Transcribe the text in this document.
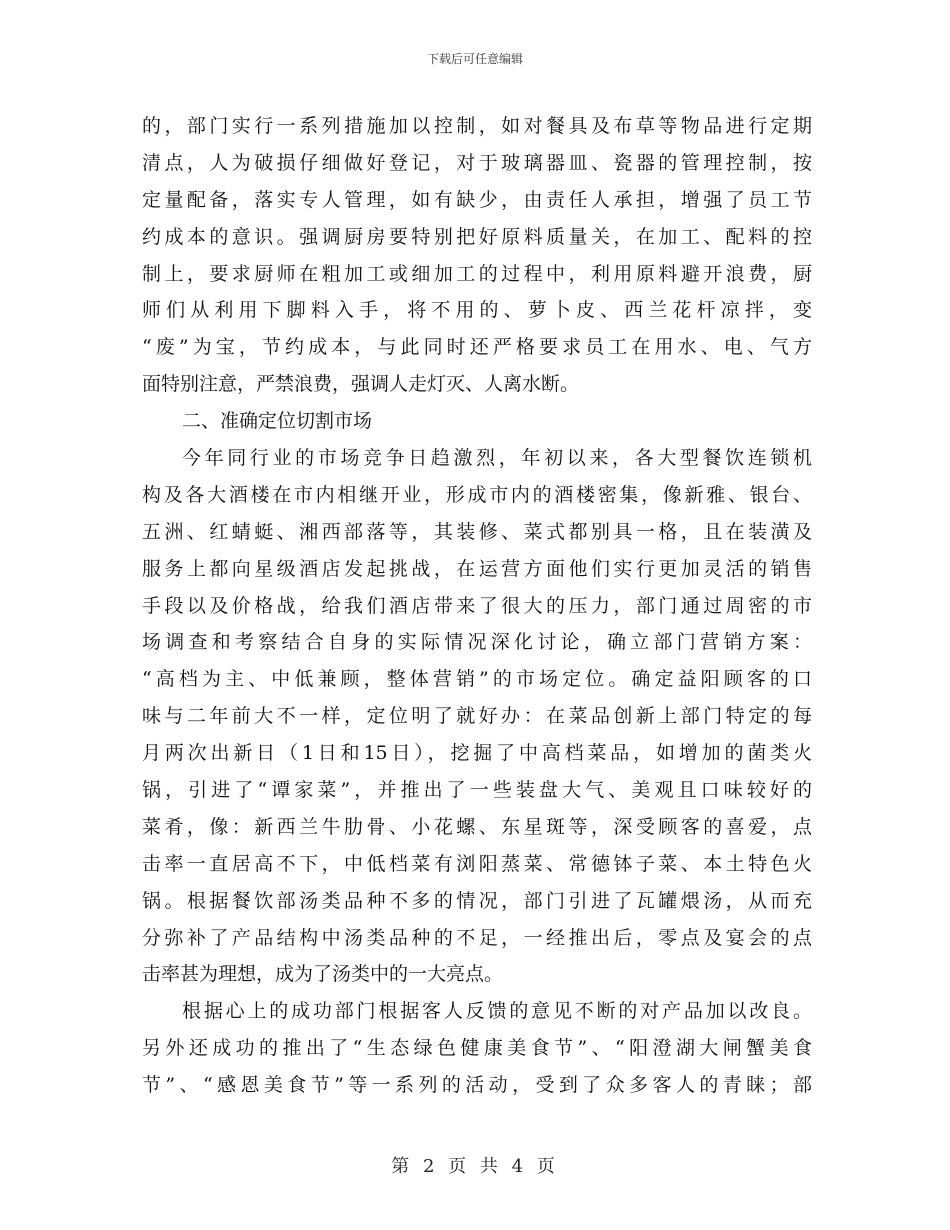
下载后可任意编辑
的，部门实行一系列措施加以控制，如对餐具及布草等物品进行定期
清点，人为破损仔细做好登记，对于玻璃器皿、瓷器的管理控制，按
定量配备，落实专人管理，如有缺少，由责任人承担，增强了员工节
约成本的意识。强调厨房要特别把好原料质量关，在加工、配料的控
制上，要求厨师在粗加工或细加工的过程中，利用原料避开浪费，厨
师们从利用下脚料入手，将不用的、萝卜皮、西兰花杆凉拌，变
“废”为宝，节约成本，与此同时还严格要求员工在用水、电、气方
面特别注意，严禁浪费，强调人走灯灭、人离水断。
二、准确定位切割市场
今年同行业的市场竞争日趋激烈，年初以来，各大型餐饮连锁机
构及各大酒楼在市内相继开业，形成市内的酒楼密集，像新雅、银台、
五洲、红蜻蜓、湘西部落等，其装修、菜式都别具一格，且在装潢及
服务上都向星级酒店发起挑战，在运营方面他们实行更加灵活的销售
手段以及价格战，给我们酒店带来了很大的压力，部门通过周密的市
场调查和考察结合自身的实际情况深化讨论，确立部门营销方案：
“高档为主、中低兼顾，整体营销”的市场定位。确定益阳顾客的口
味与二年前大不一样，定位明了就好办：在菜品创新上部门特定的每
月两次出新日（1日和15日），挖掘了中高档菜品，如增加的菌类火
锅，引进了“谭家菜”，并推出了一些装盘大气、美观且口味较好的
菜肴，像：新西兰牛肋骨、小花螺、东星斑等，深受顾客的喜爱，点
击率一直居高不下，中低档菜有浏阳蒸菜、常德钵子菜、本土特色火
锅。根据餐饮部汤类品种不多的情况，部门引进了瓦罐煨汤，从而充
分弥补了产品结构中汤类品种的不足，一经推出后，零点及宴会的点
击率甚为理想，成为了汤类中的一大亮点。
根据心上的成功部门根据客人反馈的意见不断的对产品加以改良。
另外还成功的推出了“生态绿色健康美食节”、“阳澄湖大闸蟹美食
节”、“感恩美食节”等一系列的活动，受到了众多客人的青睐；部
第 2 页 共 4 页
